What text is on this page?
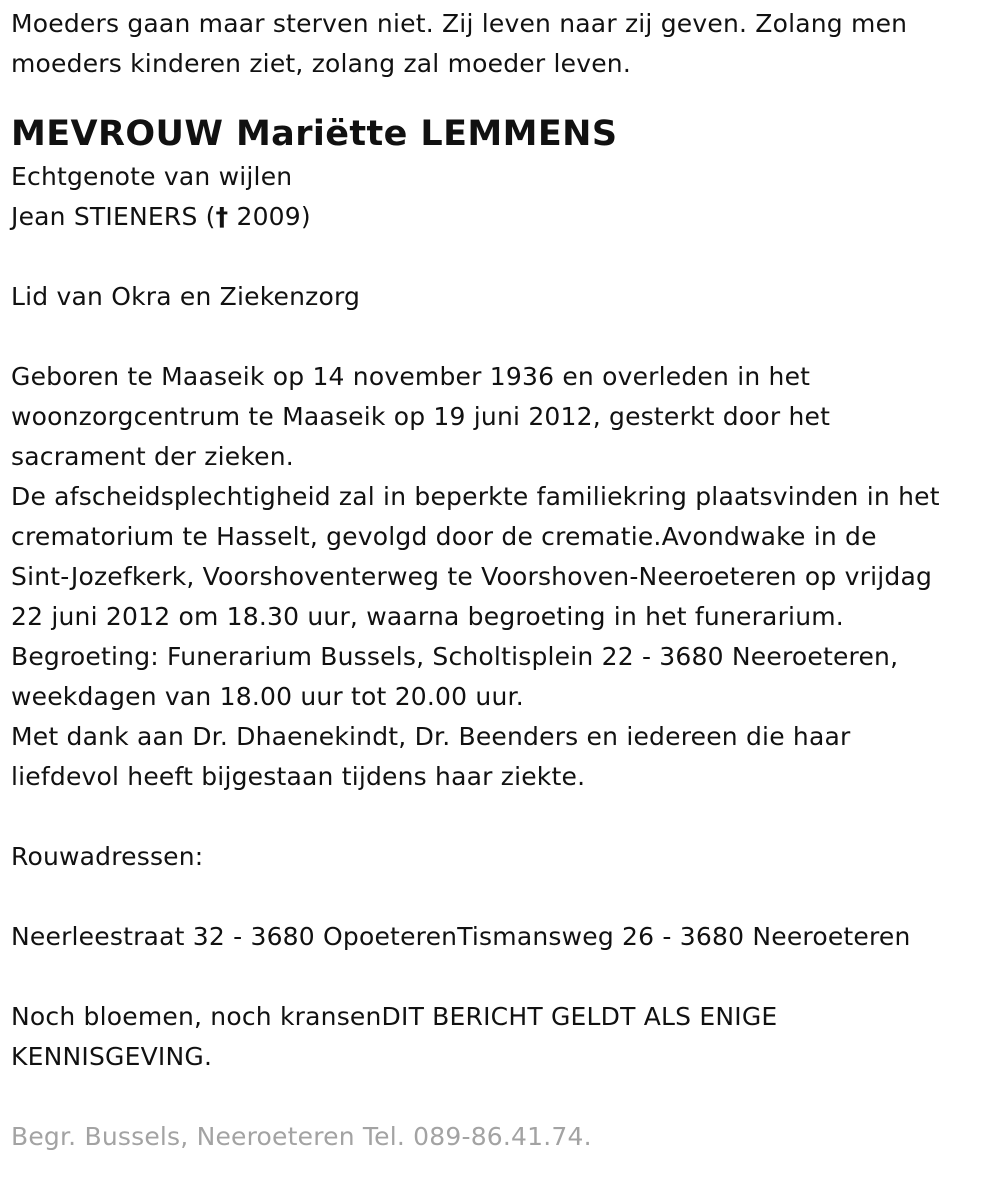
Moeders gaan maar sterven niet. Zij leven naar zij geven. Zolang men
moeders kinderen ziet, zolang zal moeder leven.
MEVROUW Mariëtte LEMMENS
Echtgenote van wijlen
Jean STIENERS († 2009)
Lid van Okra en Ziekenzorg
Geboren te Maaseik op 14 november 1936 en overleden in het
woonzorgcentrum te Maaseik op 19 juni 2012, gesterkt door het
sacrament der zieken.
De afscheidsplechtigheid zal in beperkte familiekring plaatsvinden in het
crematorium te Hasselt, gevolgd door de crematie.Avondwake in de
Sint-Jozefkerk, Voorshoventerweg te Voorshoven-Neeroeteren op vrijdag
22 juni 2012 om 18.30 uur, waarna begroeting in het funerarium.
Begroeting: Funerarium Bussels, Scholtisplein 22 - 3680 Neeroeteren,
weekdagen van 18.00 uur tot 20.00 uur.
Met dank aan Dr. Dhaenekindt, Dr. Beenders en iedereen die haar
liefdevol heeft bijgestaan tijdens haar ziekte.
Rouwadressen:
Neerleestraat 32 - 3680 OpoeterenTismansweg 26 - 3680 Neeroeteren
Noch bloemen, noch kransenDIT BERICHT GELDT ALS ENIGE
KENNISGEVING.
Begr. Bussels, Neeroeteren Tel. 089-86.41.74.
